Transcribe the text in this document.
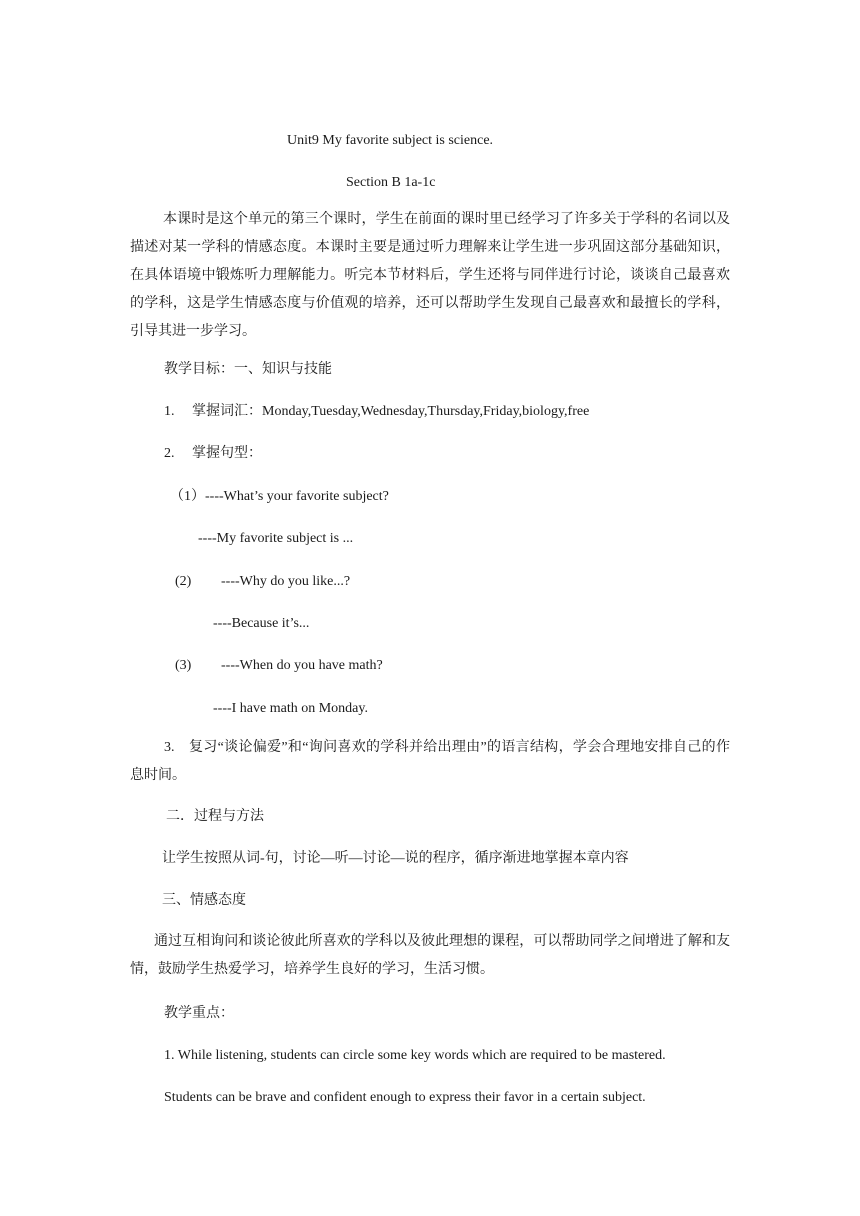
Unit9 My favorite subject is science.
Section B 1a-1c
本课时是这个单元的第三个课时，学生在前面的课时里已经学习了许多关于学科的名词以及描述对某一学科的情感态度。本课时主要是通过听力理解来让学生进一步巩固这部分基础知识，在具体语境中锻炼听力理解能力。听完本节材料后，学生还将与同伴进行讨论，谈谈自己最喜欢的学科，这是学生情感态度与价值观的培养，还可以帮助学生发现自己最喜欢和最擅长的学科，引导其进一步学习。
教学目标：一、知识与技能
1. 掌握词汇：Monday,Tuesday,Wednesday,Thursday,Friday,biology,free
2. 掌握句型：
（1） ----What’s your favorite subject?
----My favorite subject is ...
(2) ----Why do you like...?
----Because it’s...
(3) ----When do you have math?
----I have math on Monday.
3.	复习“谈论偏爱”和“询问喜欢的学科并给出理由”的语言结构，学会合理地安排自己的作息时间。
二．过程与方法
让学生按照从词-句，讨论—听—讨论—说的程序，循序渐进地掌握本章内容
三、情感态度
通过互相询问和谈论彼此所喜欢的学科以及彼此理想的课程，可以帮助同学之间增进了解和友情，鼓励学生热爱学习，培养学生良好的学习，生活习惯。
教学重点：
1. While listening, students can circle some key words which are required to be mastered.
Students can be brave and confident enough to express their favor in a certain subject.
